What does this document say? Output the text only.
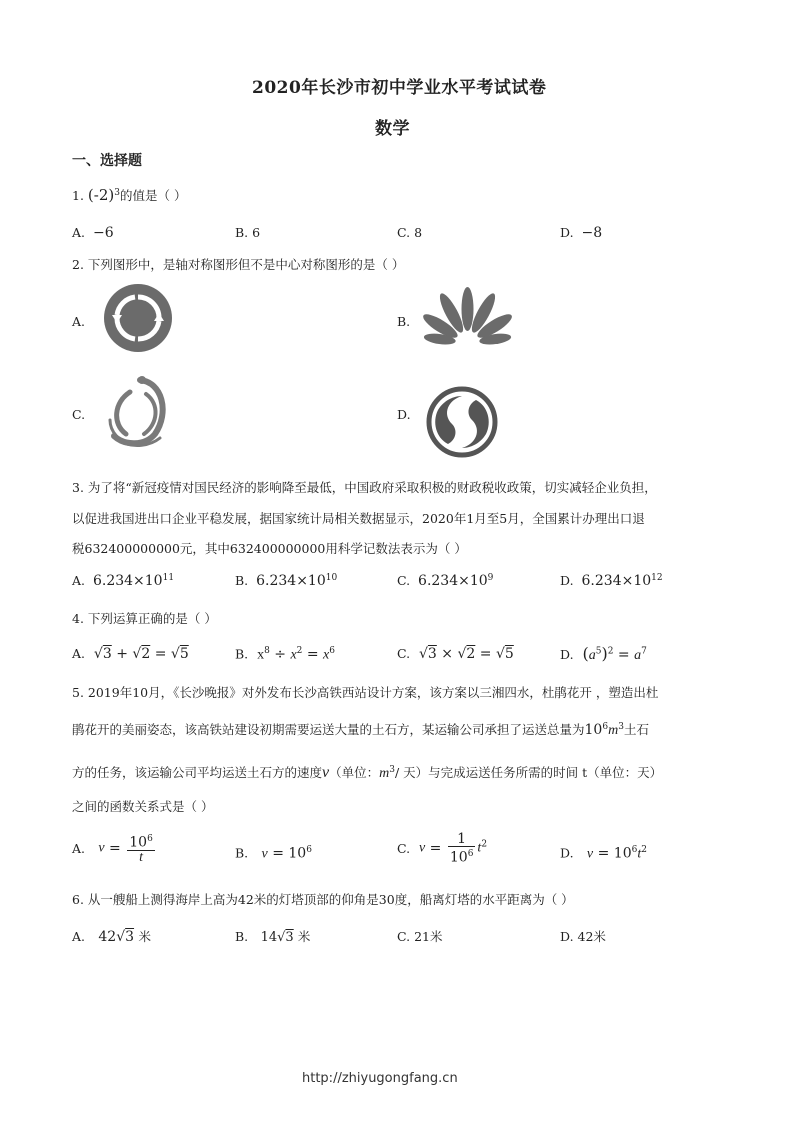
2020年长沙市初中学业水平考试试卷
数学
一、选择题
1. $(-2)^3$的值是（ ）
A. −6	B. 6	C. 8	D. −8
2. 下列图形中，是轴对称图形但不是中心对称图形的是（ ）
A.	B.
C.	D.
3. 为了将“新冠疫情对国民经济的影响降至最低，中国政府采取积极的财政税收政策，切实减轻企业负担，
以促进我国进出口企业平稳发展，据国家统计局相关数据显示，2020年1月至5月，全国累计办理出口退
税632400000000元，其中632400000000用科学记数法表示为（ ）
A. $6.234\times 10^{11}$	B. $6.234\times 10^{10}$	C. $6.234\times 10^9$	D. $6.234\times 10^{12}$
4. 下列运算正确的是（ ）
A. √3 + √2 = √5	B. $x^8 \div x^2 = x^6$	C. √3 × √2 = √5	D. $(a^5)^2 = a^7$
5. 2019年10月，《长沙晚报》对外发布长沙高铁西站设计方案，该方案以三湘四水，杜鹃花开 ，塑造出杜
鹃花开的美丽姿态，该高铁站建设初期需要运送大量的土石方，某运输公司承担了运送总量为$10^6m^3$土石
方的任务，该运输公司平均运送土石方的速度v（单位：$m^3/$ 天）与完成运送任务所需的时间 t（单位：天）
之间的函数关系式是（ ）
A. $v = \frac{10^6}{t}$	B. $v = 10^6$	C. $v = \frac{1}{10^6} t^2$
D. $v = 10^6t^2$
6. 从一艘船上测得海岸上高为42米的灯塔顶部的仰角是30度，船离灯塔的水平距离为（ ）
A. 42√3 米	B. 14√3 米	C. 21米	D. 42米
http://zhiyugongfang.cn
